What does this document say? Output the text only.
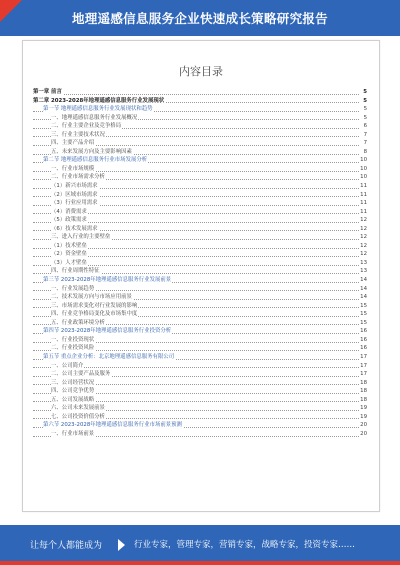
地理遥感信息服务企业快速成长策略研究报告
内容目录
第一章 前言	5
第二章 2023-2028年地理遥感信息服务行业发展现状	5
第一节 地理遥感信息服务行业发展现状和趋势	5
一、地理遥感信息服务行业发展概况	5
二、行业主要企业及竞争格局	6
三、行业主要技术状况	7
四、主要产品介绍	7
五、未来发展方向及主要影响因素	8
第二节 地理遥感信息服务行业市场发展分析	10
一、行业市场规模	10
二、行业市场需求分析	10
（1）新兴市场需求	11
（2）区域市场需求	11
（3）行业应用需求	11
（4）消费需求	11
（5）政策需求	12
（6）技术发展需求	12
三、进入行业的主要壁垒	12
（1）技术壁垒	12
（2）资金壁垒	12
（3）人才壁垒	13
四、行业周期性特征	13
第三节 2023-2028年地理遥感信息服务行业发展前景	14
一、行业发展趋势	14
二、技术发展方向与市场应用前景	14
三、市场需求变化对行业发展的影响	15
四、行业竞争格局变化及市场集中度	15
五、行业政策环境分析	15
第四节 2023-2028年地理遥感信息服务行业投资分析	16
一、行业投资现状	16
二、行业投资风险	16
第五节 重点企业分析：北京地理遥感信息服务有限公司	17
一、公司简介	17
二、公司主要产品及服务	17
三、公司经营状况	18
四、公司竞争优势	18
五、公司发展战略	18
六、公司未来发展前景	19
七、公司投资价值分析	19
第六节 2023-2028年地理遥感信息服务行业市场前景预测	20
一、行业市场前景	20
让每个人都能成为	行业专家，管理专家，营销专家，战略专家，投资专家……
